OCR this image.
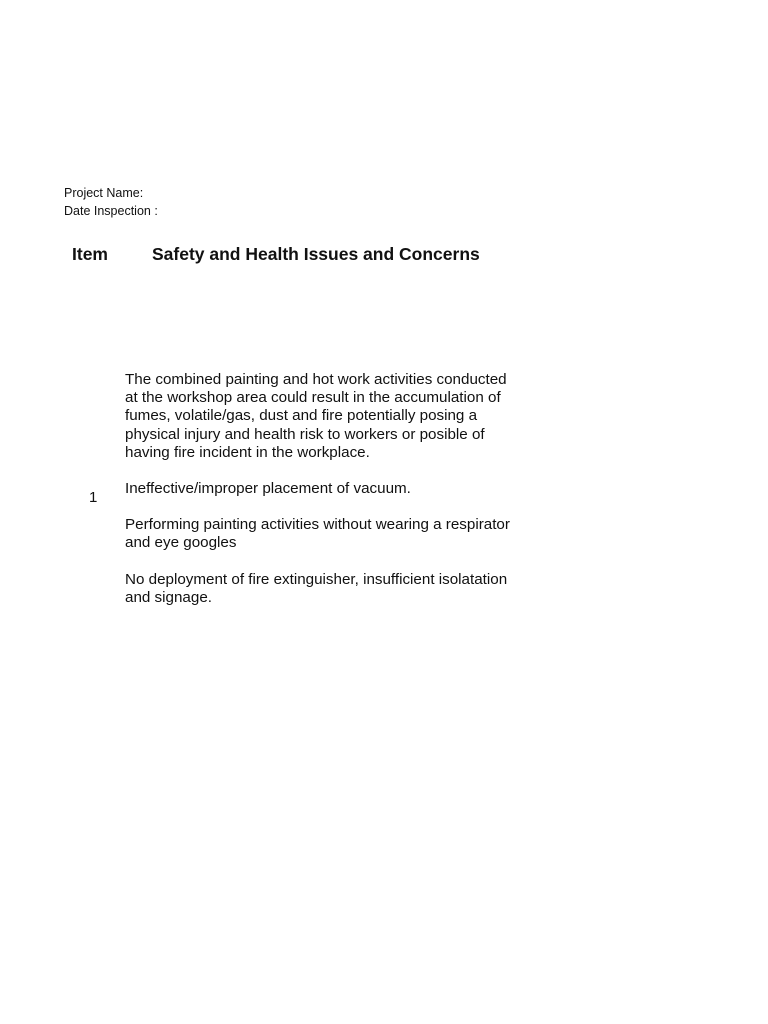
Project Name:
Date Inspection :
Item	Safety and Health Issues and Concerns
1

The combined painting and hot work activities conducted at the workshop area could result in the accumulation of fumes, volatile/gas, dust and fire potentially posing a physical injury and health risk to workers or posible of having fire incident in the workplace.

Ineffective/improper placement of vacuum.

Performing painting activities without wearing a respirator and eye googles

No deployment of fire extinguisher, insufficient isolatation and signage.
